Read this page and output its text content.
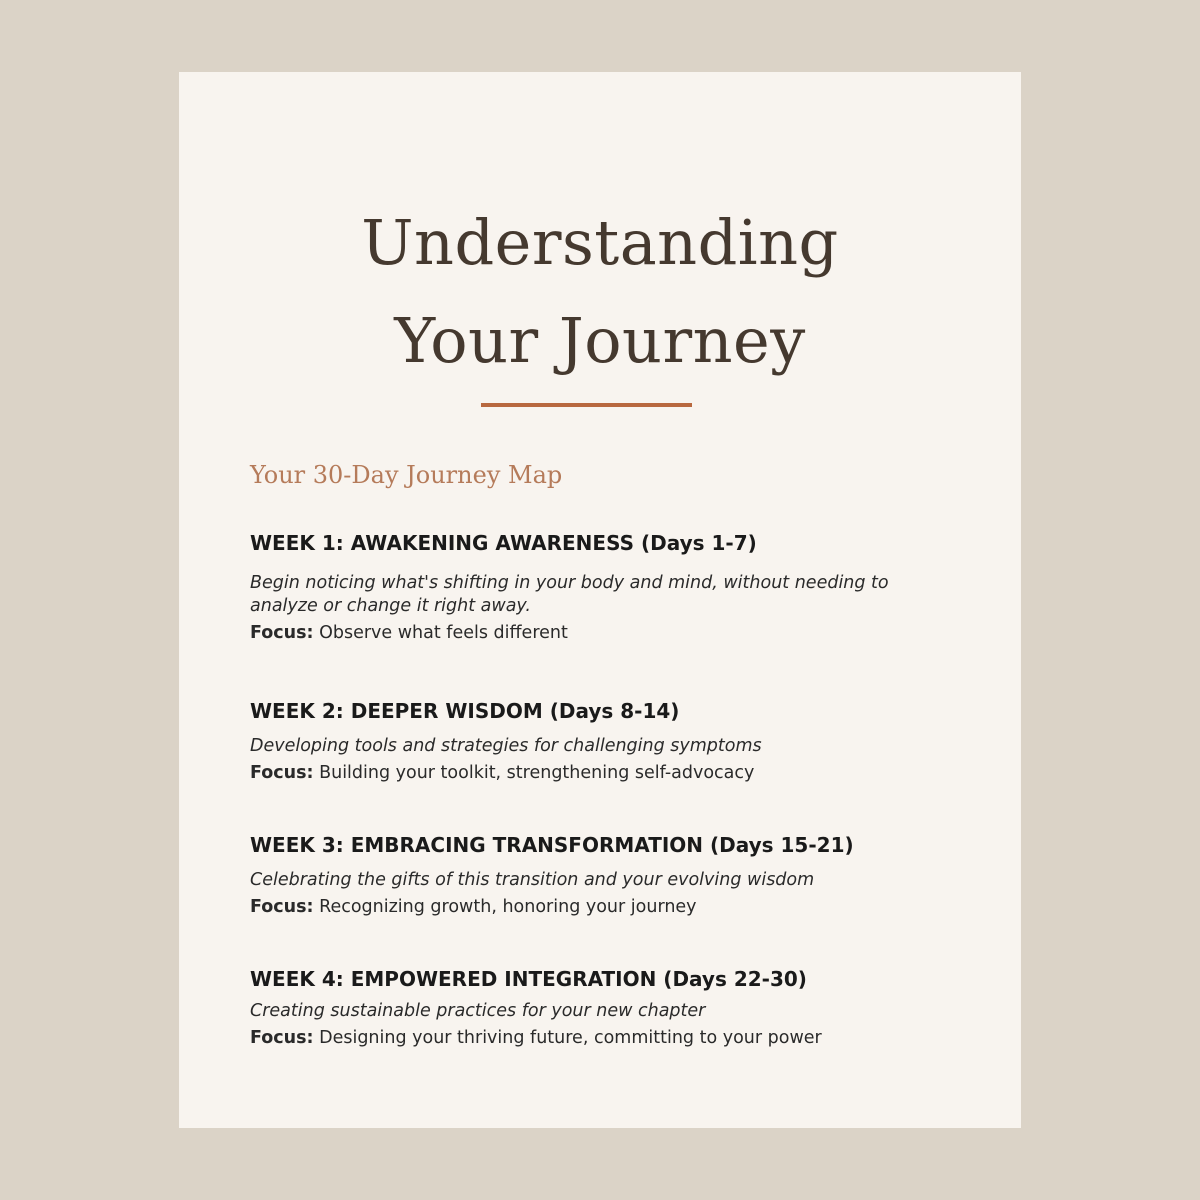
Understanding
Your Journey
Your 30-Day Journey Map
WEEK 1: AWAKENING AWARENESS (Days 1-7)

Begin noticing what's shifting in your body and mind, without needing to
analyze or change it right away.

Focus: Observe what feels different

WEEK 2: DEEPER WISDOM (Days 8-14)

Developing tools and strategies for challenging symptoms

Focus: Building your toolkit, strengthening self-advocacy

WEEK 3: EMBRACING TRANSFORMATION (Days 15-21)

Celebrating the gifts of this transition and your evolving wisdom

Focus: Recognizing growth, honoring your journey

WEEK 4: EMPOWERED INTEGRATION (Days 22-30)

Creating sustainable practices for your new chapter

Focus: Designing your thriving future, committing to your power
